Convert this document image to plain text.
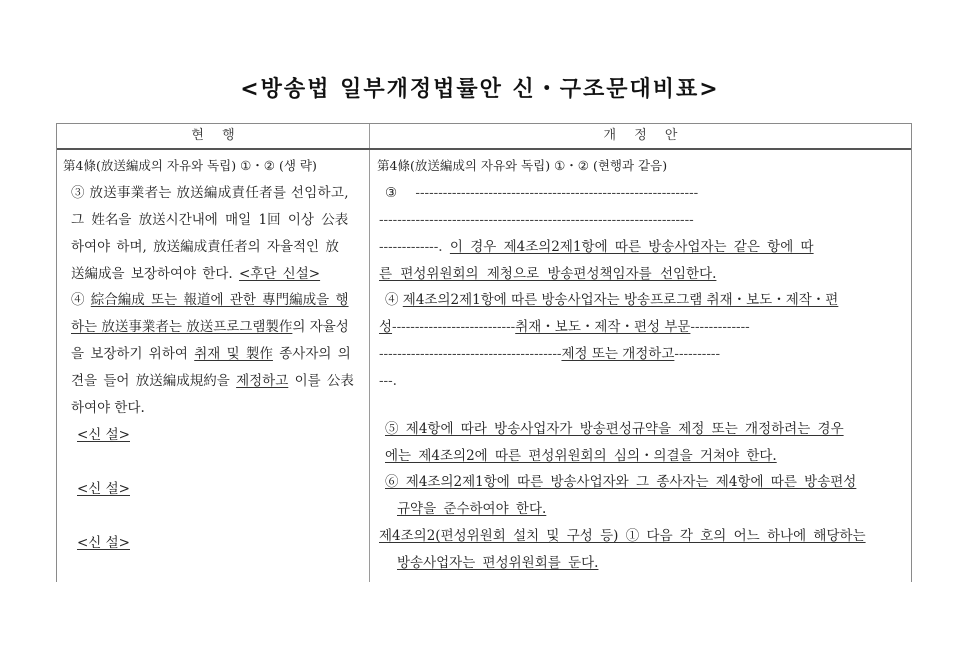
<방송법 일부개정법률안 신・구조문대비표>
현 행	개 정 안
第4條(放送編成의 자유와 독립) ①・② (생 략)
③ 放送事業者는 放送編成責任者를 선임하고,
그 姓名을 放送시간내에 매일 1回 이상 公表
하여야 하며, 放送編成責任者의 자율적인 放
送編成을 보장하여야 한다. <후단 신설>
④ 綜合編成 또는 報道에 관한 專門編成을 행
하는 放送事業者는 放送프로그램製作의 자율성
을 보장하기 위하여 취재 및 製作 종사자의 의
견을 들어 放送編成規約을 제정하고 이를 公表
하여야 한다.
<신 설>
<신 설>
<신 설>
第4條(放送編成의 자유와 독립) ①・② (현행과 같음)
③ --------------------------------------------------------------
---------------------------------------------------------------------
-------------. 이 경우 제4조의2제1항에 따른 방송사업자는 같은 항에 따
른 편성위원회의 제청으로 방송편성책임자를 선임한다.
④ 제4조의2제1항에 따른 방송사업자는 방송프로그램 취재・보도・제작・편
성---------------------------취재・보도・제작・편성 부문-------------
----------------------------------------제정 또는 개정하고----------
---.
⑤ 제4항에 따라 방송사업자가 방송편성규약을 제정 또는 개정하려는 경우
에는 제4조의2에 따른 편성위원회의 심의・의결을 거쳐야 한다.
⑥ 제4조의2제1항에 따른 방송사업자와 그 종사자는 제4항에 따른 방송편성
규약을 준수하여야 한다.
제4조의2(편성위원회 설치 및 구성 등) ① 다음 각 호의 어느 하나에 해당하는
방송사업자는 편성위원회를 둔다.
